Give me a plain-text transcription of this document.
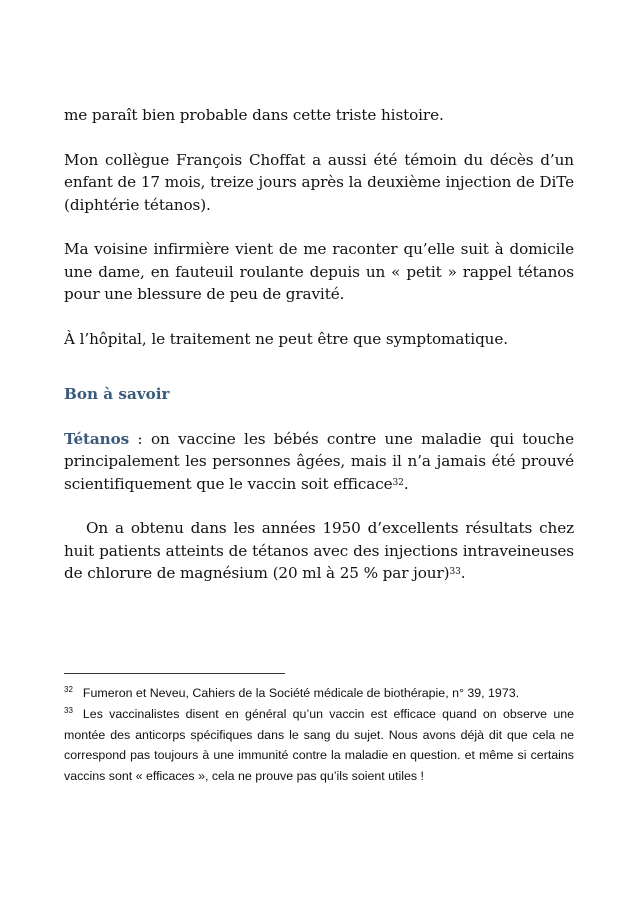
me paraît bien probable dans cette triste histoire.

Mon collègue François Choffat a aussi été témoin du décès d’un enfant de 17 mois, treize jours après la deuxième injection de DiTe (diphtérie tétanos).

Ma voisine infirmière vient de me raconter qu’elle suit à domicile une dame, en fauteuil roulante depuis un « petit » rappel tétanos pour une blessure de peu de gravité.

À l’hôpital, le traitement ne peut être que symptomatique.

Bon à savoir

Tétanos : on vaccine les bébés contre une maladie qui touche principalement les personnes âgées, mais il n’a jamais été prouvé scientifiquement que le vaccin soit efficace$^{32}$.

On a obtenu dans les années 1950 d’excellents résultats chez huit patients atteints de tétanos avec des injections intraveineuses de chlorure de magnésium (20 ml à 25 % par jour)$^{33}$.

$^{32}$ Fumeron et Neveu, Cahiers de la Société médicale de biothérapie, n° 39, 1973.

$^{33}$ Les vaccinalistes disent en général qu’un vaccin est efficace quand on observe une montée des anticorps spécifiques dans le sang du sujet. Nous avons déjà dit que cela ne correspond pas toujours à une immunité contre la maladie en question. et même si certains vaccins sont « efficaces », cela ne prouve pas qu’ils soient utiles !
